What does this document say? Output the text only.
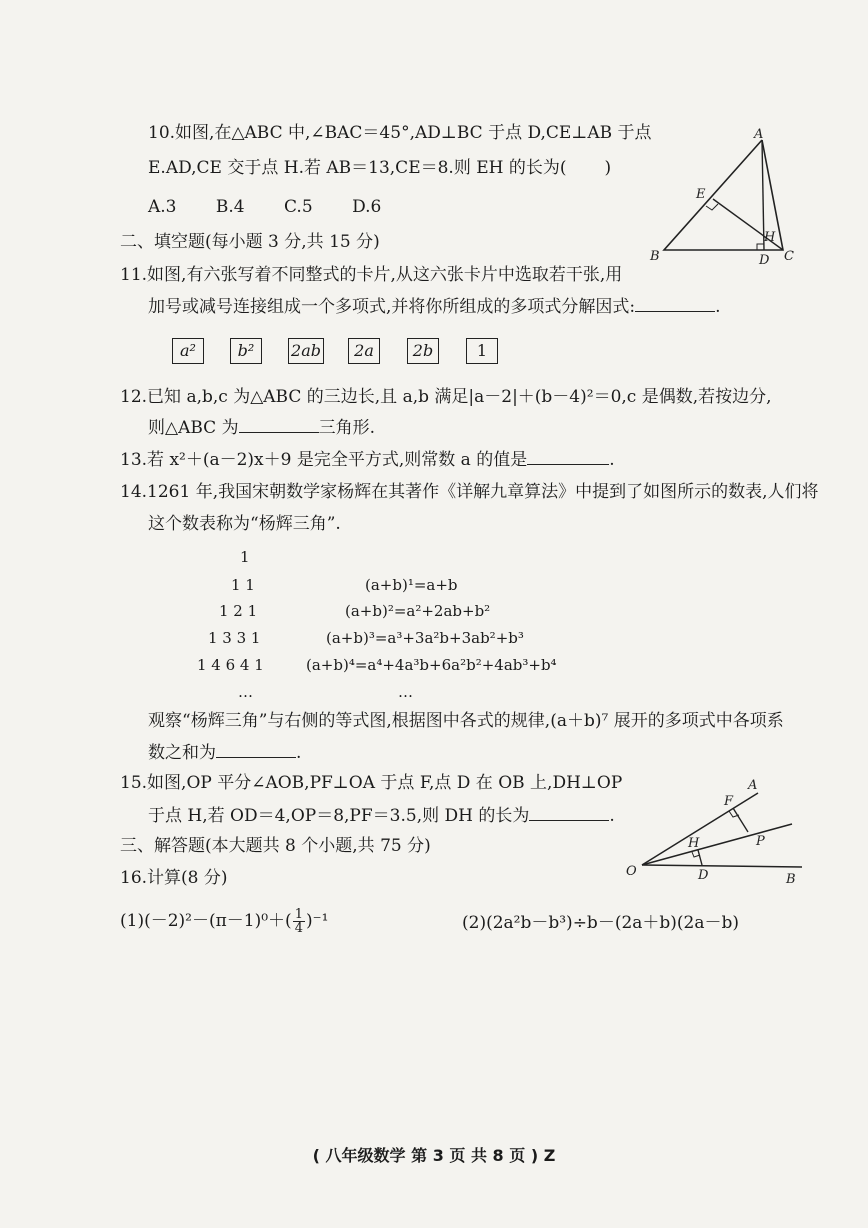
10.如图,在△ABC 中,∠BAC＝45°,AD⊥BC 于点 D,CE⊥AB 于点
E.AD,CE 交于点 H.若 AB＝13,CE＝8.则 EH 的长为( )
A.3 B.4 C.5 D.6
A
B	C
D
E
H
二、填空题(每小题 3 分,共 15 分)
11.如图,有六张写着不同整式的卡片,从这六张卡片中选取若干张,用
加号或减号连接组成一个多项式,并将你所组成的多项式分解因式:	.
a²	b²	2ab	2a	2b	1
12.已知 a,b,c 为△ABC 的三边长,且 a,b 满足|a－2|＋(b－4)²＝0,c 是偶数,若按边分,
则△ABC 为	三角形.
13.若 x²＋(a－2)x＋9 是完全平方式,则常数 a 的值是	.
14.1261 年,我国宋朝数学家杨辉在其著作《详解九章算法》中提到了如图所示的数表,人们将
这个数表称为“杨辉三角”.
1
1 1
1 2 1
1 3 3 1
1 4 6 4 1
…
(a+b)¹=a+b
(a+b)²=a²+2ab+b²
(a+b)³=a³+3a²b+3ab²+b³
(a+b)⁴=a⁴+4a³b+6a²b²+4ab³+b⁴
…
观察“杨辉三角”与右侧的等式图,根据图中各式的规律,(a＋b)⁷ 展开的多项式中各项系
数之和为	.
15.如图,OP 平分∠AOB,PF⊥OA 于点 F,点 D 在 OB 上,DH⊥OP
于点 H,若 OD＝4,OP＝8,PF＝3.5,则 DH 的长为	.
A
F
H	P
O	D	B
三、解答题(本大题共 8 个小题,共 75 分)
16.计算(8 分)
$(1)(-2)^2-(\pi-1)^0+( \frac{1}{4} )^{-1}$	(2)(2a²b－b³)÷b－(2a＋b)(2a－b)
( 八年级数学 第 3 页 共 8 页 ) Z
